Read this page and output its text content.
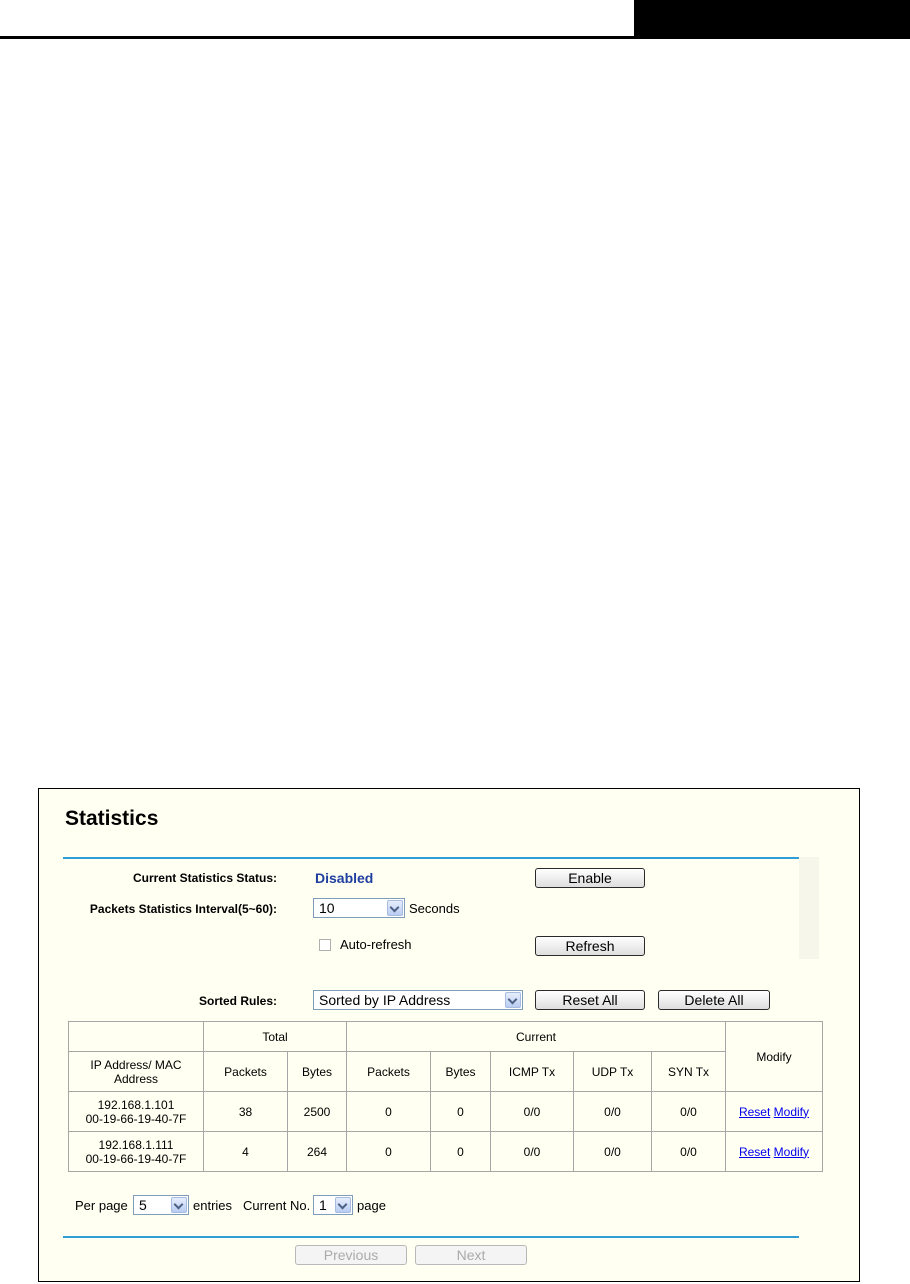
Statistics
Current Statistics Status:	Disabled	Enable
Packets Statistics Interval(5~60):	10	Seconds
Auto-refresh	Refresh
Sorted Rules:	Sorted by IP Address	Reset All	Delete All
	Total		Current					Modify
IP Address/ MAC Address	Packets	Bytes	Packets	Bytes	ICMP Tx	UDP Tx	SYN Tx	

192.168.1.101
00-19-66-19-40-7F	38	2500	0	0	0/0	0/0	0/0	Reset Modify

192.168.1.111
00-19-66-19-40-7F	4	264	0	0	0/0	0/0	0/0	Reset Modify
Per page 5	entries Current No. 1	page
Previous	Next
